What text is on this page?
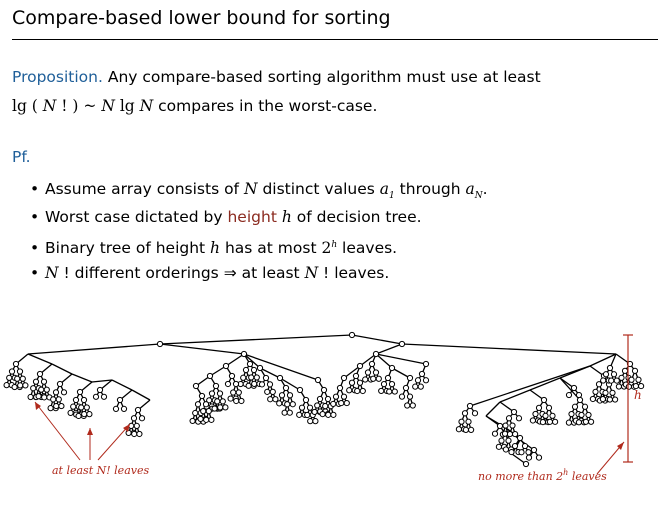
Compare-based lower bound for sorting
Proposition. Any compare-based sorting algorithm must use at least
lg ( N ! ) ~ N lg N compares in the worst-case.
Pf.
• Assume array consists of N distinct values $a_1$ through $a_N$.
• Worst case dictated by height h of decision tree.
• Binary tree of height h has at most 2$^h$ leaves.
• N ! different orderings ⇒ at least N ! leaves.
h
at least N! leaves	no more than 2$^h$ leaves
